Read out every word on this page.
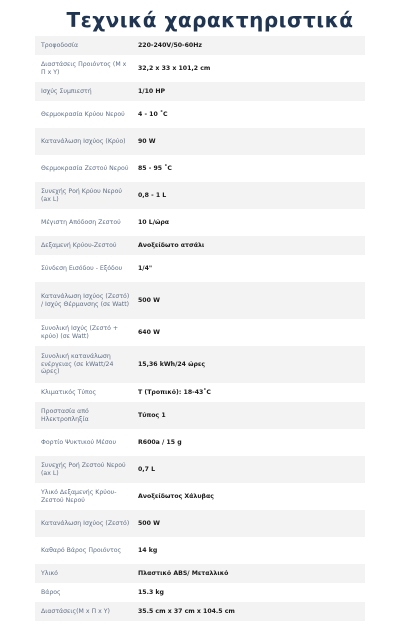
Τεχνικά χαρακτηριστικά
Τροφοδοσία	220-240V/50-60Hz
Διαστάσεις Προιόντος (Μ x Π x Υ)	32,2 x 33 x 101,2 cm
Ισχύς Συμπιεστή	1/10 HP
Θερμοκρασία Κρύου Νερού	4 - 10 ˚C
Κατανάλωση Ισχύος (Κρύο)	90 W
Θερμοκρασία Ζεστού Νερού	85 - 95 ˚C
Συνεχής Ροή Κρύου Νερού (ax L)	0,8 - 1 L
Μέγιστη Απόδοση Ζεστού	10 L/ώρα
Δεξαμενή Κρύου-Ζεστού	Ανοξείδωτο ατσάλι
Σύνδεση Εισόδου - Εξόδου	1/4"
Κατανάλωση Ισχύος (Ζεστό) / Ισχύς Θέρμανσης (σε Watt)	500 W
Συνολική Ισχύς (Ζεστό + κρύο) (σε Watt)	640 W
Συνολική κατανάλωση ενέργειας (σε kWatt/24 ώρες)	15,36 kWh/24 ώρες
Κλιματικός Τύπος	T (Τροπικό): 18-43˚C
Προστασία από Ηλεκτροπληξία	Τύπος 1
Φορτίο Ψυκτικού Μέσου	R600a / 15 g
Συνεχής Ροή Ζεστού Νερού (ax L)	0,7 L
Υλικό Δεξαμενής Κρύου-Ζεστού Νερού	Ανοξείδωτος Χάλυβας
Κατανάλωση Ισχύος (Ζεστό)	500 W
Καθαρό Βάρος Προιόντος	14 kg
Υλικό	Πλαστικό ABS/ Μεταλλικό
Βάρος	15.3 kg
Διαστάσεις(Μ x Π x Υ)	35.5 cm x 37 cm x 104.5 cm
